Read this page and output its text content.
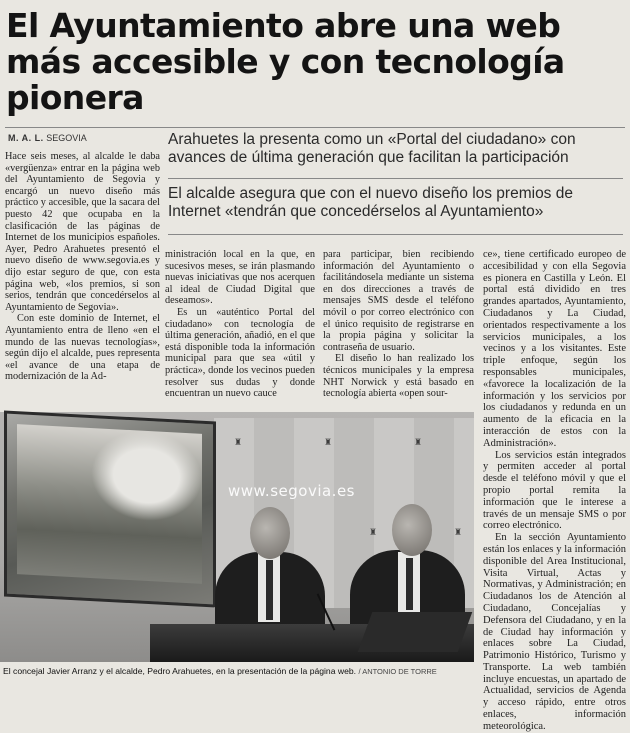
El Ayuntamiento abre una web más accesible y con tecnología pionera
M. A. L. SEGOVIA	Arahuetes la presenta como un «Portal del ciudadano» con avances de última generación que facilitan la participación

El alcalde asegura que con el nuevo diseño los premios de Internet «tendrán que concedérselos al Ayuntamiento»

Hace seis meses, al alcalde le daba «vergüenza» entrar en la página web del Ayuntamiento de Segovia y encargó un nuevo diseño más práctico y accesible, que la sacara del puesto 42 que ocupaba en la clasificación de las páginas de Internet de los municipios españoles. Ayer, Pedro Arahuetes presentó el nuevo diseño de www.segovia.es y dijo estar seguro de que, con esta página web, «los premios, si son serios, tendrán que concedérselos al Ayuntamiento de Segovia».

Con este dominio de Internet, el Ayuntamiento entra de lleno «en el mundo de las nuevas tecnologías», según dijo el alcalde, pues representa «el avance de una etapa de modernización de la Ad-

ministración local en la que, en sucesivos meses, se irán plasmando nuevas iniciativas que nos acerquen al ideal de Ciudad Digital que deseamos».

Es un «auténtico Portal del ciudadano» con tecnología de última generación, añadió, en el que está disponible toda la información municipal para que sea «útil y práctica», donde los vecinos pueden resolver sus dudas y donde encuentran un nuevo cauce

para participar, bien recibiendo información del Ayuntamiento o facilitándosela mediante un sistema en dos direcciones a través de mensajes SMS desde el teléfono móvil o por correo electrónico con el único requisito de registrarse en la propia página y solicitar la contraseña de usuario.

El diseño lo han realizado los técnicos municipales y la empresa NHT Norwick y está basado en tecnología abierta «open sour-

ce», tiene certificado europeo de accesibilidad y con ella Segovia es pionera en Castilla y León. El portal está dividido en tres grandes apartados, Ayuntamiento, Ciudadanos y La Ciudad, orientados respectivamente a los servicios municipales, a los vecinos y a los visitantes. Este triple enfoque, según los responsables municipales, «favorece la localización de la información y los servicios por los ciudadanos y redunda en un aumento de la eficacia en la interacción de estos con la Administración».

Los servicios están integrados y permiten acceder al portal desde el teléfono móvil y que el propio portal remita la información que le interese a través de un mensaje SMS o por correo electrónico.

En la sección Ayuntamiento están los enlaces y la información disponible del Area Institucional, Visita Virtual, Actas y Normativas, y Administración; en Ciudadanos los de Atención al Ciudadano, Concejalías y Defensora del Ciudadano, y en la de Ciudad hay información y enlaces sobre La Ciudad, Patrimonio Histórico, Turismo y Transporte. La web también incluye encuestas, un apartado de Actualidad, servicios de Agenda y acceso rápido, entre otros enlaces, información meteorológica.

♜	♜	♜
♜	♜
www.segovia.es
El concejal Javier Arranz y el alcalde, Pedro Arahuetes, en la presentación de la página web. / ANTONIO DE TORRE
